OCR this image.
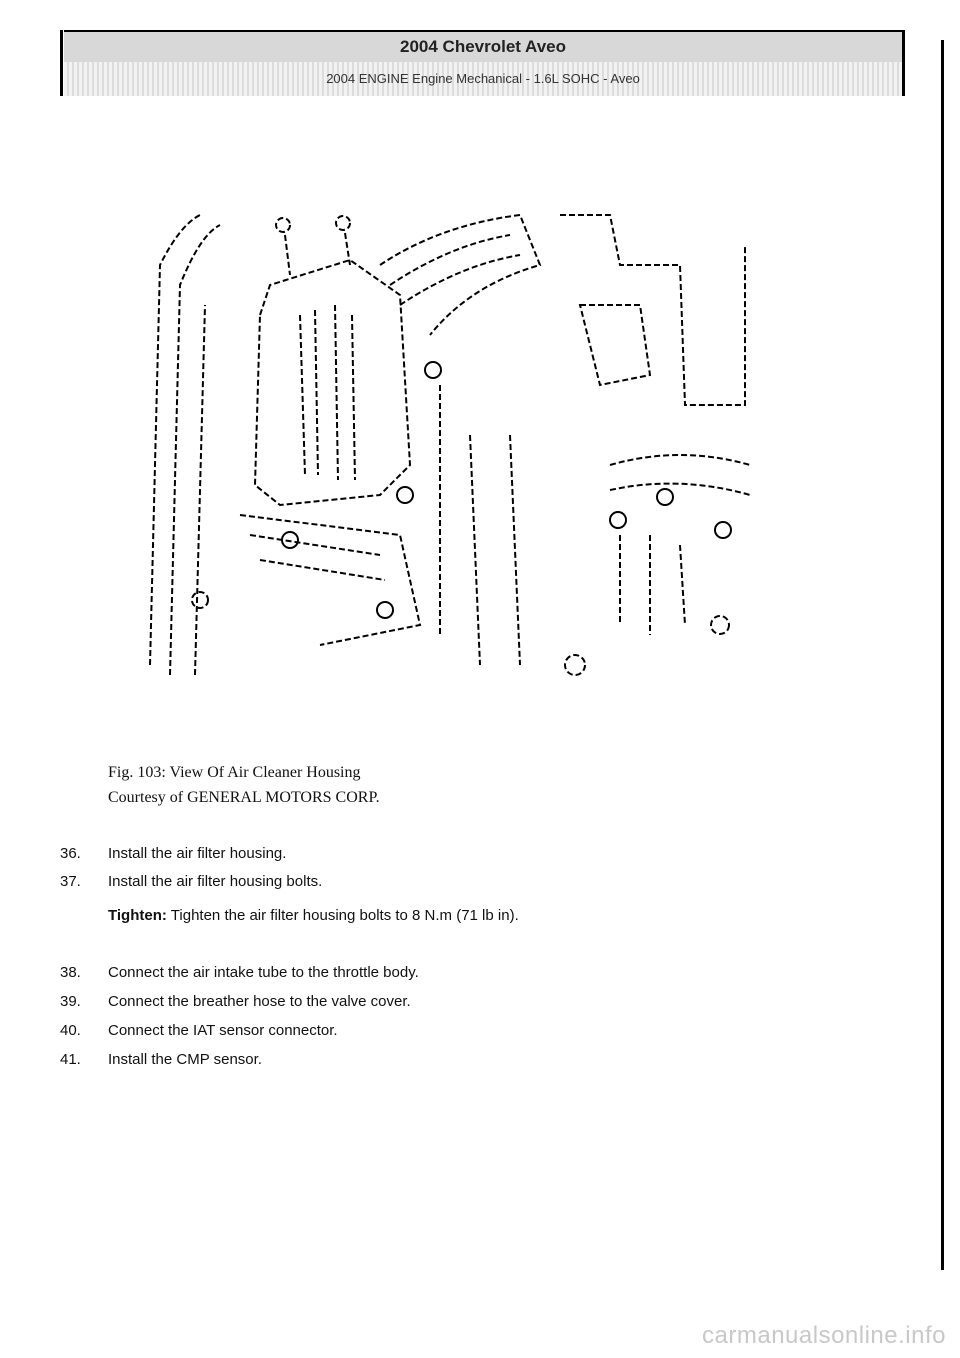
2004 Chevrolet Aveo
2004 ENGINE Engine Mechanical - 1.6L SOHC - Aveo
Fig. 103: View Of Air Cleaner Housing
Courtesy of GENERAL MOTORS CORP.
36.	Install the air filter housing.
37.	Install the air filter housing bolts.
Tighten: Tighten the air filter housing bolts to 8 N.m (71 lb in).
38.	Connect the air intake tube to the throttle body.
39.	Connect the breather hose to the valve cover.
40.	Connect the IAT sensor connector.
41.	Install the CMP sensor.
carmanualsonline.info
